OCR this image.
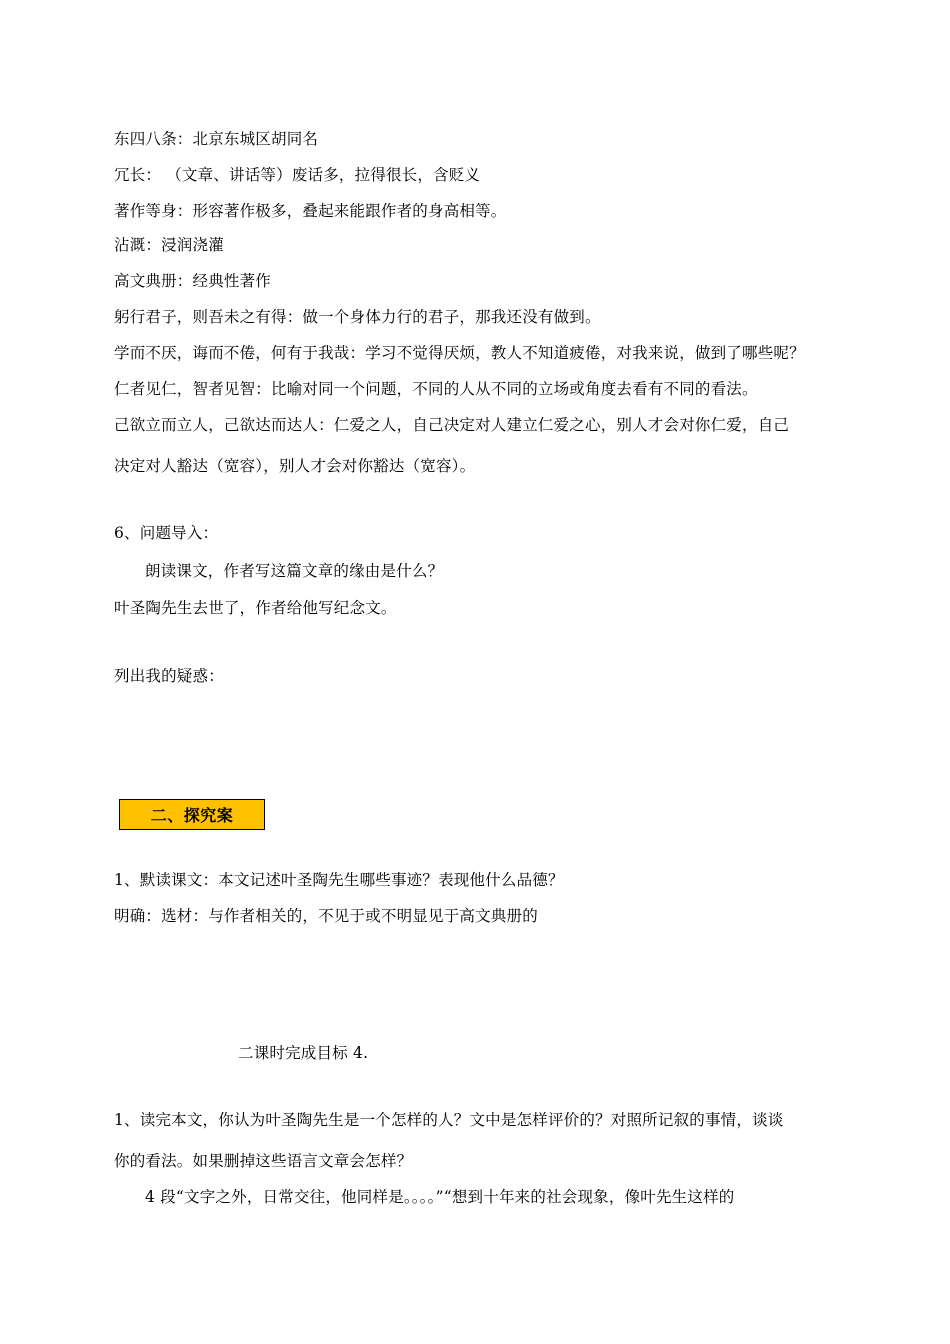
东四八条：北京东城区胡同名
冗长： （文章、讲话等）废话多，拉得很长，含贬义
著作等身：形容著作极多，叠起来能跟作者的身高相等。
沾溉：浸润浇灌
高文典册：经典性著作
躬行君子，则吾未之有得：做一个身体力行的君子，那我还没有做到。
学而不厌，诲而不倦，何有于我哉：学习不觉得厌烦，教人不知道疲倦，对我来说，做到了哪些呢？
仁者见仁，智者见智：比喻对同一个问题，不同的人从不同的立场或角度去看有不同的看法。
己欲立而立人，己欲达而达人：仁爱之人，自己决定对人建立仁爱之心，别人才会对你仁爱，自己
决定对人豁达（宽容），别人才会对你豁达（宽容）。
6、问题导入：
朗读课文，作者写这篇文章的缘由是什么？
叶圣陶先生去世了，作者给他写纪念文。
列出我的疑惑：
二、探究案
1、默读课文：本文记述叶圣陶先生哪些事迹？表现他什么品德？
明确：选材：与作者相关的，不见于或不明显见于高文典册的
二课时完成目标 4.
1、读完本文，你认为叶圣陶先生是一个怎样的人？文中是怎样评价的？对照所记叙的事情，谈谈
你的看法。如果删掉这些语言文章会怎样？
4 段“文字之外，日常交往，他同样是。。。。”“想到十年来的社会现象，像叶先生这样的
